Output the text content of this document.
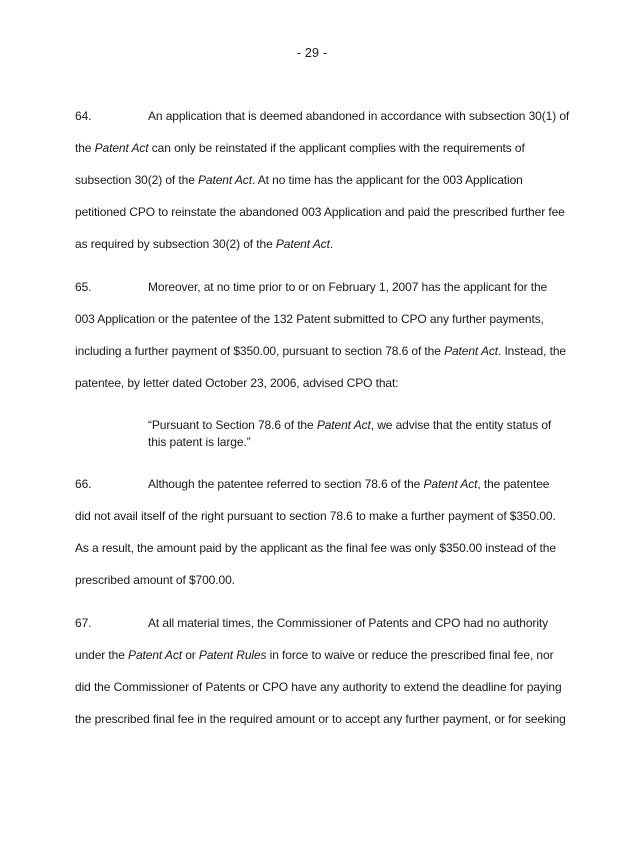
- 29 -
64.	An application that is deemed abandoned in accordance with subsection 30(1) of
the Patent Act can only be reinstated if the applicant complies with the requirements of
subsection 30(2) of the Patent Act. At no time has the applicant for the 003 Application
petitioned CPO to reinstate the abandoned 003 Application and paid the prescribed further fee
as required by subsection 30(2) of the Patent Act.
65.	Moreover, at no time prior to or on February 1, 2007 has the applicant for the
003 Application or the patentee of the 132 Patent submitted to CPO any further payments,
including a further payment of $350.00, pursuant to section 78.6 of the Patent Act. Instead, the
patentee, by letter dated October 23, 2006, advised CPO that:
66.	Although the patentee referred to section 78.6 of the Patent Act, the patentee
did not avail itself of the right pursuant to section 78.6 to make a further payment of $350.00.
As a result, the amount paid by the applicant as the final fee was only $350.00 instead of the
prescribed amount of $700.00.
67.	At all material times, the Commissioner of Patents and CPO had no authority
under the Patent Act or Patent Rules in force to waive or reduce the prescribed final fee, nor
did the Commissioner of Patents or CPO have any authority to extend the deadline for paying
the prescribed final fee in the required amount or to accept any further payment, or for seeking
“Pursuant to Section 78.6 of the Patent Act, we advise that the entity status of
this patent is large.”
